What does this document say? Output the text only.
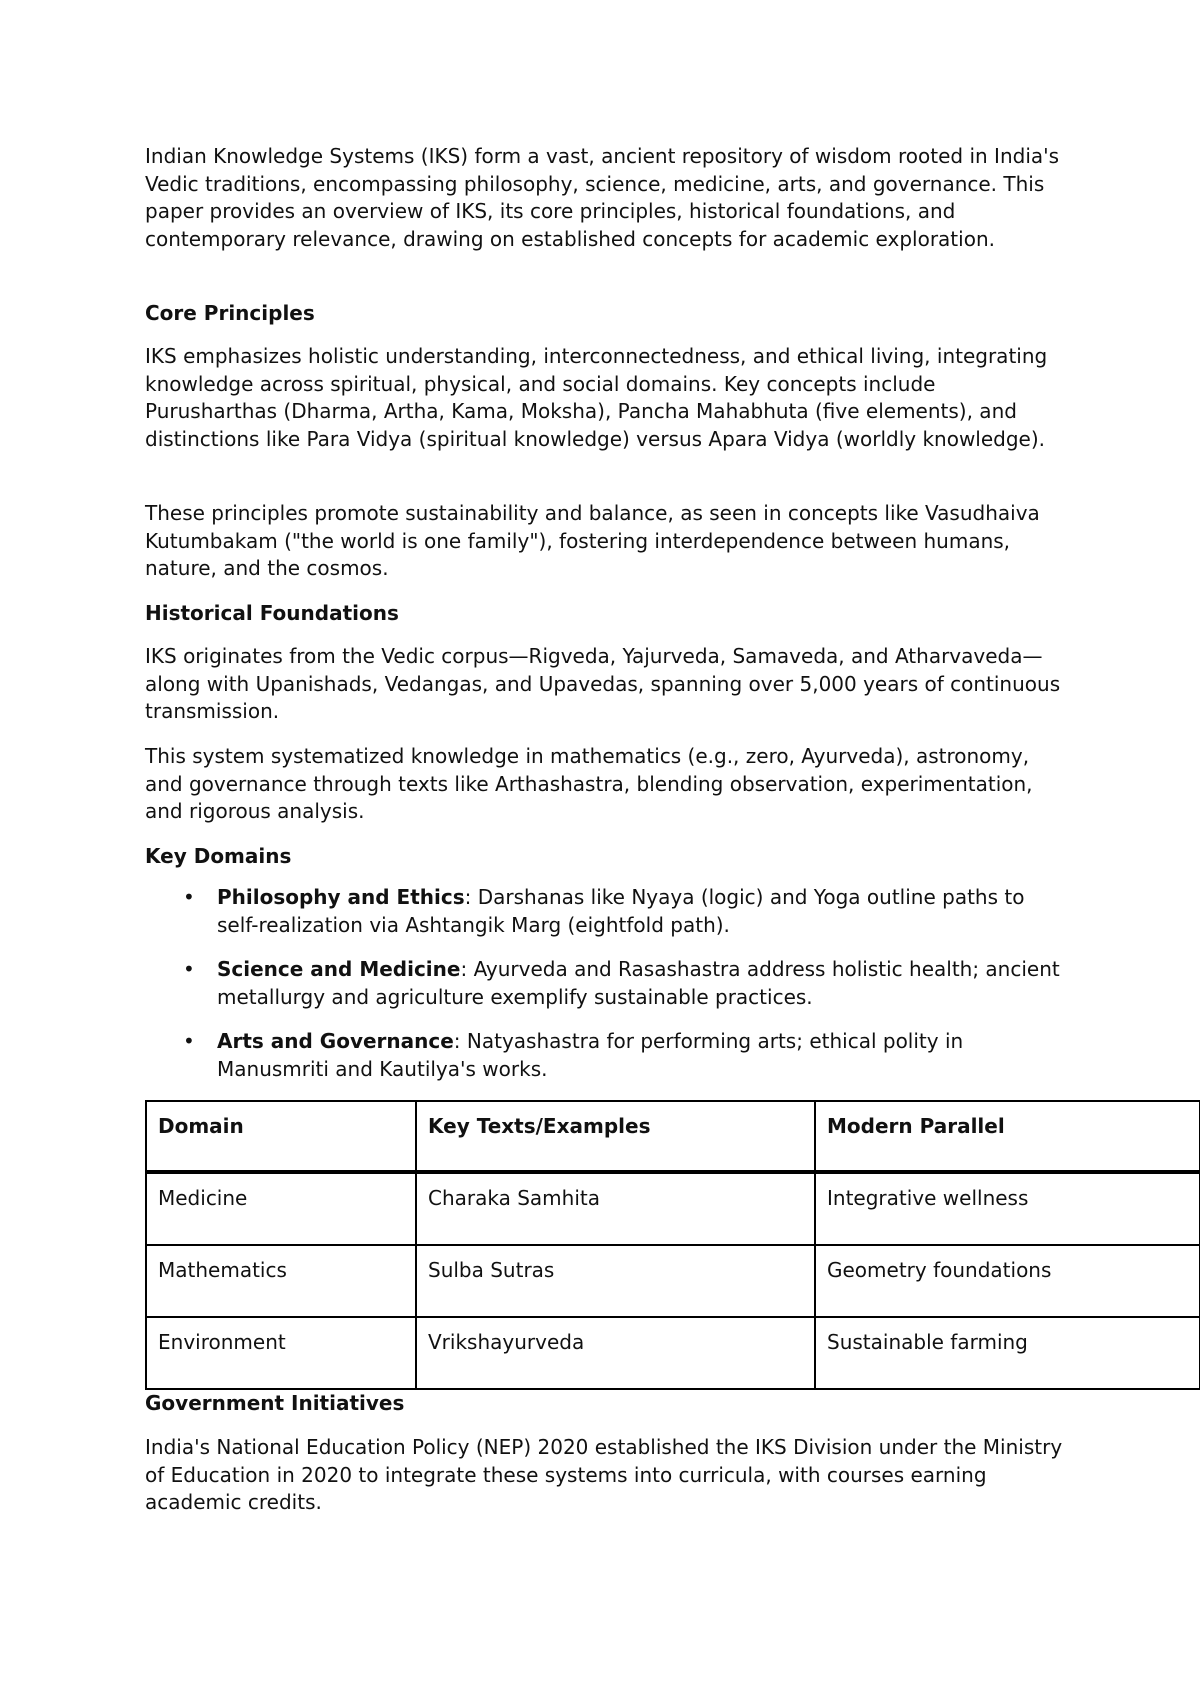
Indian Knowledge Systems (IKS) form a vast, ancient repository of wisdom rooted in India's Vedic traditions, encompassing philosophy, science, medicine, arts, and governance. This paper provides an overview of IKS, its core principles, historical foundations, and contemporary relevance, drawing on established concepts for academic exploration.

Core Principles

IKS emphasizes holistic understanding, interconnectedness, and ethical living, integrating knowledge across spiritual, physical, and social domains. Key concepts include Purusharthas (Dharma, Artha, Kama, Moksha), Pancha Mahabhuta (five elements), and distinctions like Para Vidya (spiritual knowledge) versus Apara Vidya (worldly knowledge).

These principles promote sustainability and balance, as seen in concepts like Vasudhaiva Kutumbakam ("the world is one family"), fostering interdependence between humans, nature, and the cosmos.

Historical Foundations

IKS originates from the Vedic corpus—Rigveda, Yajurveda, Samaveda, and Atharvaveda—along with Upanishads, Vedangas, and Upavedas, spanning over 5,000 years of continuous transmission.

This system systematized knowledge in mathematics (e.g., zero, Ayurveda), astronomy, and governance through texts like Arthashastra, blending observation, experimentation, and rigorous analysis.

Key Domains
• Philosophy and Ethics: Darshanas like Nyaya (logic) and Yoga outline paths to self-realization via Ashtangik Marg (eightfold path).
• Science and Medicine: Ayurveda and Rasashastra address holistic health; ancient metallurgy and agriculture exemplify sustainable practices.
• Arts and Governance: Natyashastra for performing arts; ethical polity in Manusmriti and Kautilya's works.
Domain	Key Texts/Examples	Modern Parallel
Medicine	Charaka Samhita	Integrative wellness
Mathematics	Sulba Sutras	Geometry foundations
Environment	Vrikshayurveda	Sustainable farming
Government Initiatives

India's National Education Policy (NEP) 2020 established the IKS Division under the Ministry of Education in 2020 to integrate these systems into curricula, with courses earning academic credits.
